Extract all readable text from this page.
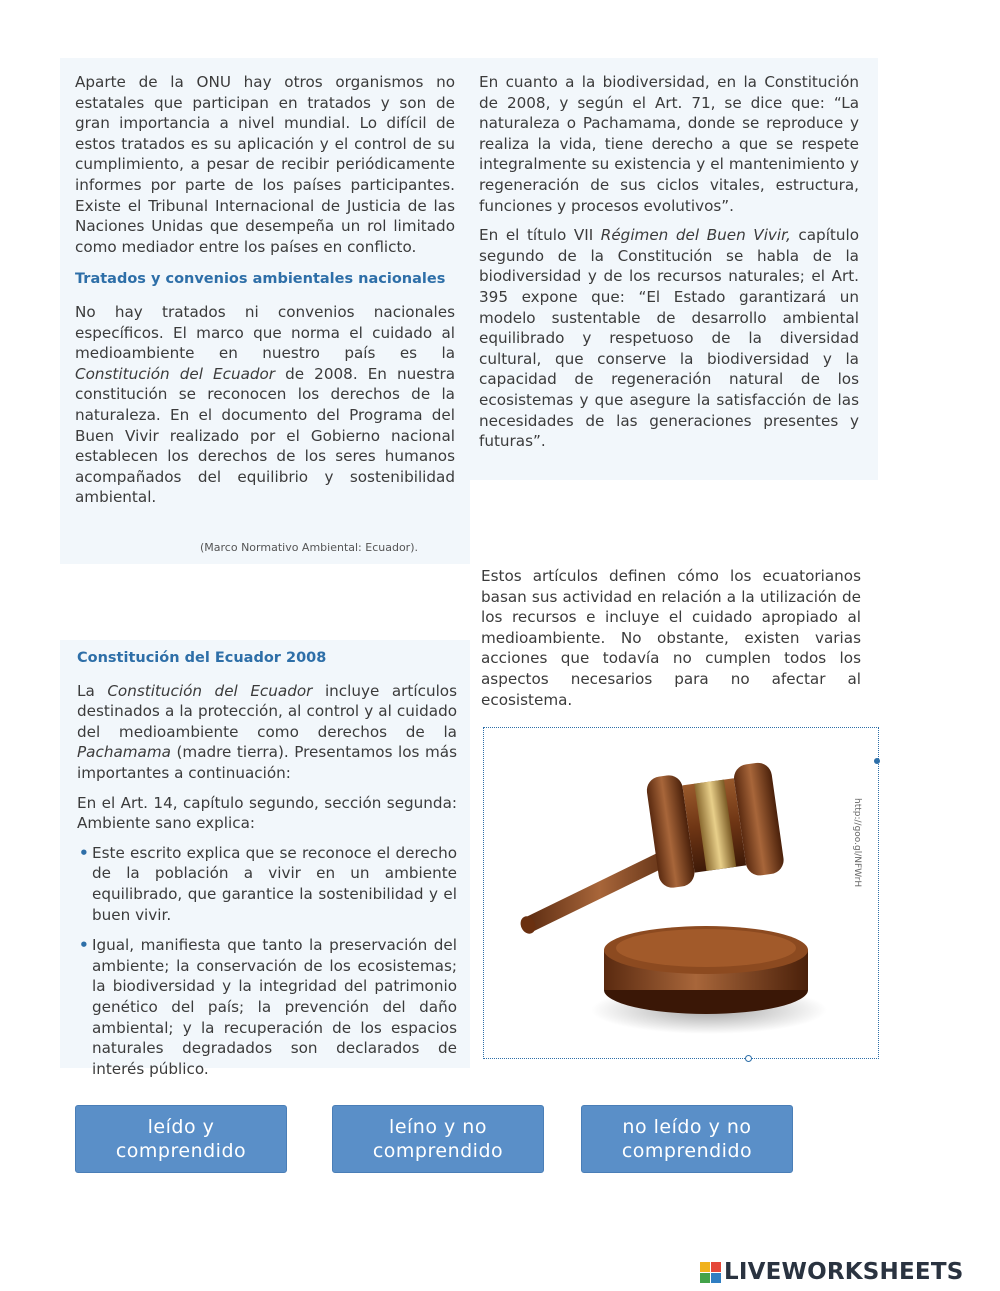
Aparte de la ONU hay otros organismos no estatales que participan en tratados y son de gran importancia a nivel mundial. Lo difícil de estos tratados es su aplicación y el control de su cumplimiento, a pesar de recibir periódicamente informes por parte de los países participantes. Existe el Tribunal Internacional de Justicia de las Naciones Unidas que desempeña un rol limitado como mediador entre los países en conflicto.

Tratados y convenios ambientales nacionales

No hay tratados ni convenios nacionales específicos. El marco que norma el cuidado al medioambiente en nuestro país es la Constitución del Ecuador de 2008. En nuestra constitución se reconocen los derechos de la naturaleza. En el documento del Programa del Buen Vivir realizado por el Gobierno nacional establecen los derechos de los seres humanos acompañados del equilibrio y sostenibilidad ambiental.

(Marco Normativo Ambiental: Ecuador).

En cuanto a la biodiversidad, en la Constitución de 2008, y según el Art. 71, se dice que: “La naturaleza o Pachamama, donde se reproduce y realiza la vida, tiene derecho a que se respete integralmente su existencia y el mantenimiento y regeneración de sus ciclos vitales, estructura, funciones y procesos evolutivos”.

En el título VII Régimen del Buen Vivir, capítulo segundo de la Constitución se habla de la biodiversidad y de los recursos naturales; el Art. 395 expone que: “El Estado garantizará un modelo sustentable de desarrollo ambiental equilibrado y respetuoso de la diversidad cultural, que conserve la biodiversidad y la capacidad de regeneración natural de los ecosistemas y que asegure la satisfacción de las necesidades de las generaciones presentes y futuras”.

Estos artículos definen cómo los ecuatorianos basan sus actividad en relación a la utilización de los recursos e incluye el cuidado apropiado al medioambiente. No obstante, existen varias acciones que todavía no cumplen todos los aspectos necesarios para no afectar al ecosistema.

Constitución del Ecuador 2008

La Constitución del Ecuador incluye artículos destinados a la protección, al control y al cuidado del medioambiente como derechos de la Pachamama (madre tierra). Presentamos los más importantes a continuación:

En el Art. 14, capítulo segundo, sección segunda: Ambiente sano explica:

• Este escrito explica que se reconoce el derecho de la población a vivir en un ambiente equilibrado, que garantice la sostenibilidad y el buen vivir.
• Igual, manifiesta que tanto la preservación del ambiente; la conservación de los ecosistemas; la biodiversidad y la integridad del patrimonio genético del país; la prevención del daño ambiental; y la recuperación de los espacios naturales degradados son declarados de interés público.
http://goo.gl/NFWrH
leído y comprendido
leíno y no comprendido
no leído y no comprendido
LIVEWORKSHEETS
